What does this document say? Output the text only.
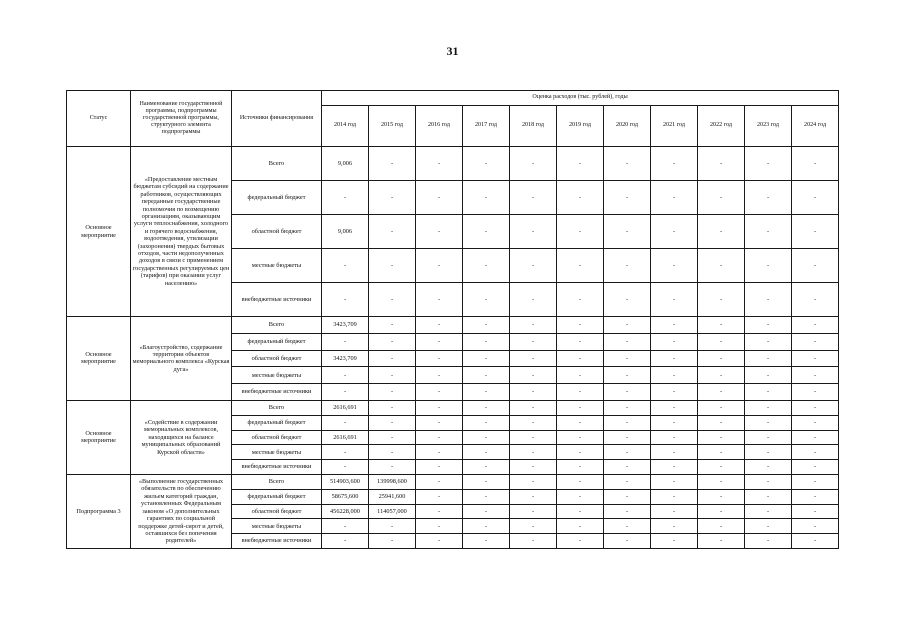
31
Статус	Наименование государственной программы, подпрограммы государственной программы, структурного элемента подпрограммы	Источники финансирования	Оценка расходов (тыс. рублей), годы										
			2014 год	2015 год	2016 год	2017 год	2018 год	2019 год	2020 год	2021 год	2022 год	2023 год	2024 год
Основное мероприятие	«Предоставление местным бюджетам субсидий на содержание работников, осуществляющих переданные государственные полномочия по возмещению организациям, оказывающим услуги теплоснабжения, холодного и горячего водоснабжения, водоотведения, утилизации (захоронения) твердых бытовых отходов, части недополученных доходов в связи с применением государственных регулируемых цен (тарифов) при оказании услуг населению»	Всего	9,006	-	-	-	-	-	-	-	-	-	-
		федеральный бюджет	-	-	-	-	-	-	-	-	-	-	-
		областной бюджет	9,006	-	-	-	-	-	-	-	-	-	-
		местные бюджеты	-	-	-	-	-	-	-	-	-	-	-
		внебюджетные источники	-	-	-	-	-	-	-	-	-	-	-
Основное мероприятие	«Благоустройство, содержание территории объектов мемориального комплекса «Курская дуга»	Всего	3423,709	-	-	-	-	-	-	-	-	-	-
		федеральный бюджет	-	-	-	-	-	-	-	-	-	-	-
		областной бюджет	3423,709	-	-	-	-	-	-	-	-	-	-
		местные бюджеты	-	-	-	-	-	-	-	-	-	-	-
		внебюджетные источники	-	-	-	-	-	-	-	-	-	-	-
Основное мероприятие	«Содействие в содержании мемориальных комплексов, находящихся на балансе муниципальных образований Курской области»	Всего	2616,691	-	-	-	-	-	-	-	-	-	-
		федеральный бюджет	-	-	-	-	-	-	-	-	-	-	-
		областной бюджет	2616,691	-	-	-	-	-	-	-	-	-	-
		местные бюджеты	-	-	-	-	-	-	-	-	-	-	-
		внебюджетные источники	-	-	-	-	-	-	-	-	-	-	-
Подпрограмма 3	«Выполнение государственных обязательств по обеспечению жильем категорий граждан, установленных Федеральным законом «О дополнительных гарантиях по социальной поддержке детей-сирот и детей, оставшихся без попечения родителей»	Всего	514903,600	139998,600	-	-	-	-	-	-	-	-	-
		федеральный бюджет	58675,600	25941,600	-	-	-	-	-	-	-	-	-
		областной бюджет	456228,000	114057,000	-	-	-	-	-	-	-	-	-
		местные бюджеты	-	-	-	-	-	-	-	-	-	-	-
		внебюджетные источники	-	-	-	-	-	-	-	-	-	-	-
